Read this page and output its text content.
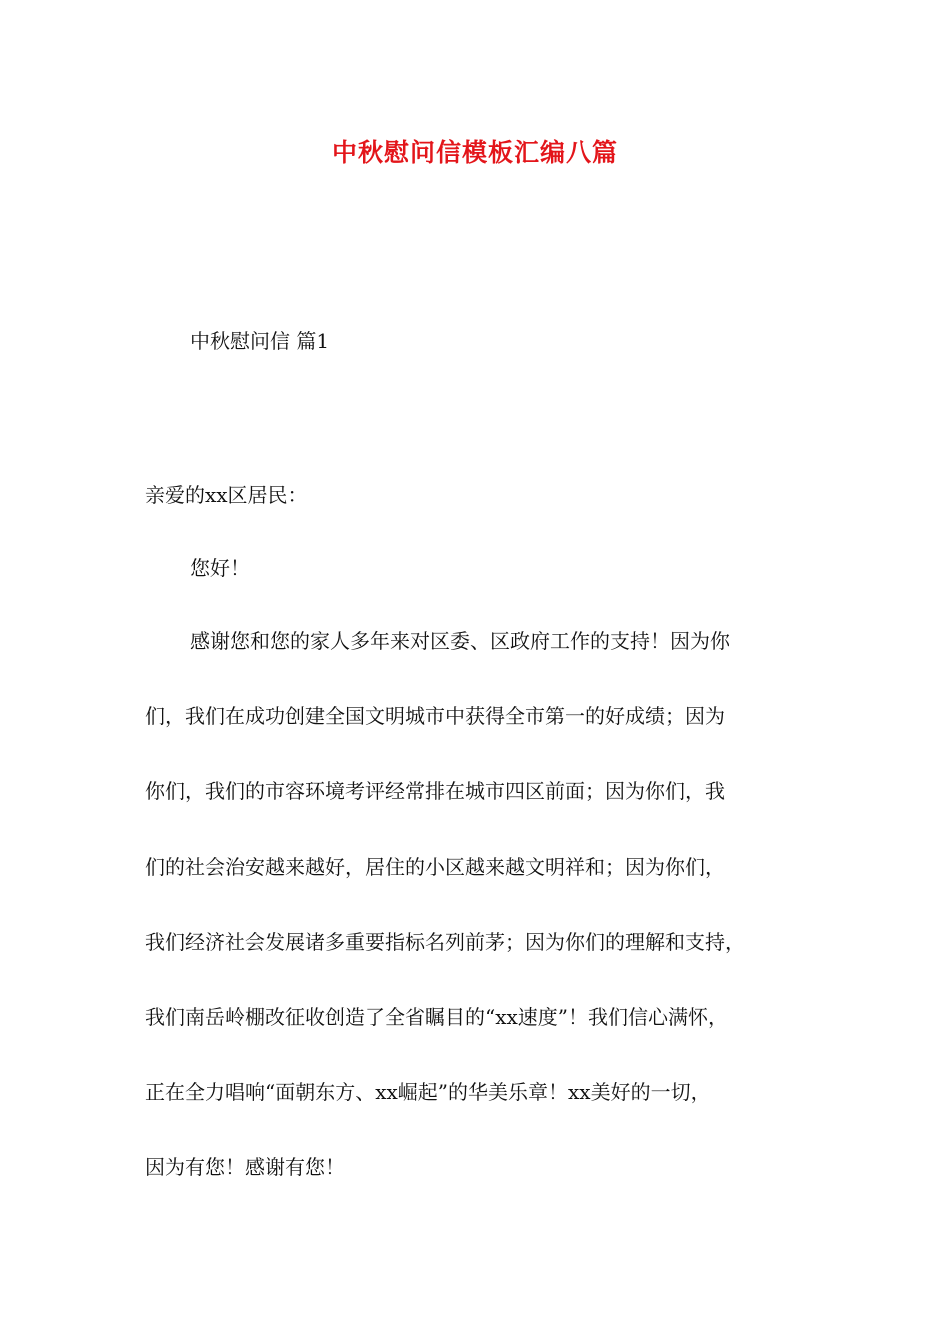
中秋慰问信模板汇编八篇
中秋慰问信 篇1
亲爱的xx区居民：
您好！
感谢您和您的家人多年来对区委、区政府工作的支持！因为你
们，我们在成功创建全国文明城市中获得全市第一的好成绩；因为
你们，我们的市容环境考评经常排在城市四区前面；因为你们，我
们的社会治安越来越好，居住的小区越来越文明祥和；因为你们，
我们经济社会发展诸多重要指标名列前茅；因为你们的理解和支持，
我们南岳岭棚改征收创造了全省瞩目的“xx速度”！我们信心满怀，
正在全力唱响“面朝东方、xx崛起”的华美乐章！xx美好的一切，
因为有您！感谢有您！
